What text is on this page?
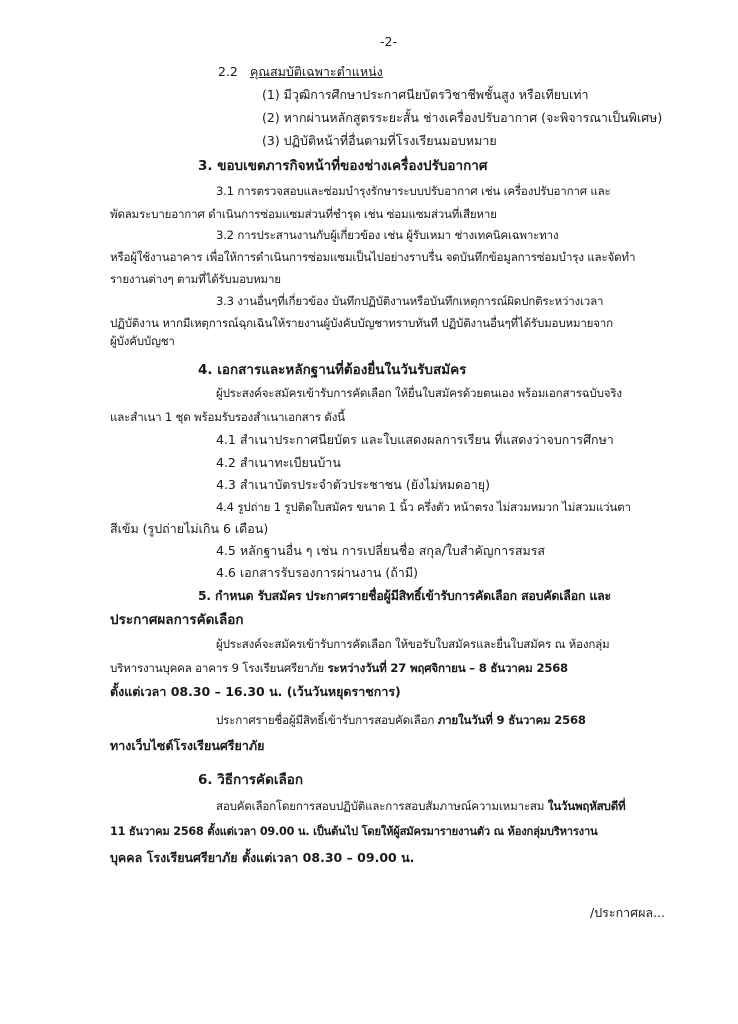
-2-
2.2 คุณสมบัติเฉพาะตำแหน่ง
(1) มีวุฒิการศึกษาประกาศนียบัตรวิชาชีพชั้นสูง หรือเทียบเท่า
(2) หากผ่านหลักสูตรระยะสั้น ช่างเครื่องปรับอากาศ (จะพิจารณาเป็นพิเศษ)
(3) ปฏิบัติหน้าที่อื่นตามที่โรงเรียนมอบหมาย
3. ขอบเขตภารกิจหน้าที่ของช่างเครื่องปรับอากาศ
3.1 การตรวจสอบและซ่อมบำรุงรักษาระบบปรับอากาศ เช่น เครื่องปรับอากาศ และ
พัดลมระบายอากาศ ดำเนินการซ่อมแซมส่วนที่ชำรุด เช่น ซ่อมแซมส่วนที่เสียหาย
3.2 การประสานงานกับผู้เกี่ยวข้อง เช่น ผู้รับเหมา ช่างเทคนิคเฉพาะทาง
หรือผู้ใช้งานอาคาร เพื่อให้การดำเนินการซ่อมแซมเป็นไปอย่างราบรื่น จดบันทึกข้อมูลการซ่อมบำรุง และจัดทำ
รายงานต่างๆ ตามที่ได้รับมอบหมาย
3.3 งานอื่นๆที่เกี่ยวข้อง บันทึกปฏิบัติงานหรือบันทึกเหตุการณ์ผิดปกติระหว่างเวลา
ปฏิบัติงาน หากมีเหตุการณ์ฉุกเฉินให้รายงานผู้บังคับบัญชาทราบทันที ปฏิบัติงานอื่นๆที่ได้รับมอบหมายจาก
ผู้บังคับบัญชา
4. เอกสารและหลักฐานที่ต้องยื่นในวันรับสมัคร
ผู้ประสงค์จะสมัครเข้ารับการคัดเลือก ให้ยื่นใบสมัครด้วยตนเอง พร้อมเอกสารฉบับจริง
และสำเนา 1 ชุด พร้อมรับรองสำเนาเอกสาร ดังนี้
4.1 สำเนาประกาศนียบัตร และใบแสดงผลการเรียน ที่แสดงว่าจบการศึกษา
4.2 สำเนาทะเบียนบ้าน
4.3 สำเนาบัตรประจำตัวประชาชน (ยังไม่หมดอายุ)
4.4 รูปถ่าย 1 รูปติดใบสมัคร ขนาด 1 นิ้ว ครึ่งตัว หน้าตรง ไม่สวมหมวก ไม่สวมแว่นตา
สีเข้ม (รูปถ่ายไม่เกิน 6 เดือน)
4.5 หลักฐานอื่น ๆ เช่น การเปลี่ยนชื่อ สกุล/ใบสำคัญการสมรส
4.6 เอกสารรับรองการผ่านงาน (ถ้ามี)
5. กำหนด รับสมัคร ประกาศรายชื่อผู้มีสิทธิ์เข้ารับการคัดเลือก สอบคัดเลือก และ
ประกาศผลการคัดเลือก
ผู้ประสงค์จะสมัครเข้ารับการคัดเลือก ให้ขอรับใบสมัครและยื่นใบสมัคร ณ ห้องกลุ่ม
บริหารงานบุคคล อาคาร 9 โรงเรียนศรียาภัย ระหว่างวันที่ 27 พฤศจิกายน – 8 ธันวาคม 2568
ตั้งแต่เวลา 08.30 – 16.30 น. (เว้นวันหยุดราชการ)
ประกาศรายชื่อผู้มีสิทธิ์เข้ารับการสอบคัดเลือก ภายในวันที่ 9 ธันวาคม 2568
ทางเว็บไซต์โรงเรียนศรียาภัย
6. วิธีการคัดเลือก
สอบคัดเลือกโดยการสอบปฏิบัติและการสอบสัมภาษณ์ความเหมาะสม ในวันพฤหัสบดีที่
11 ธันวาคม 2568 ตั้งแต่เวลา 09.00 น. เป็นต้นไป โดยให้ผู้สมัครมารายงานตัว ณ ห้องกลุ่มบริหารงาน
บุคคล โรงเรียนศรียาภัย ตั้งแต่เวลา 08.30 – 09.00 น.
/ประกาศผล...
